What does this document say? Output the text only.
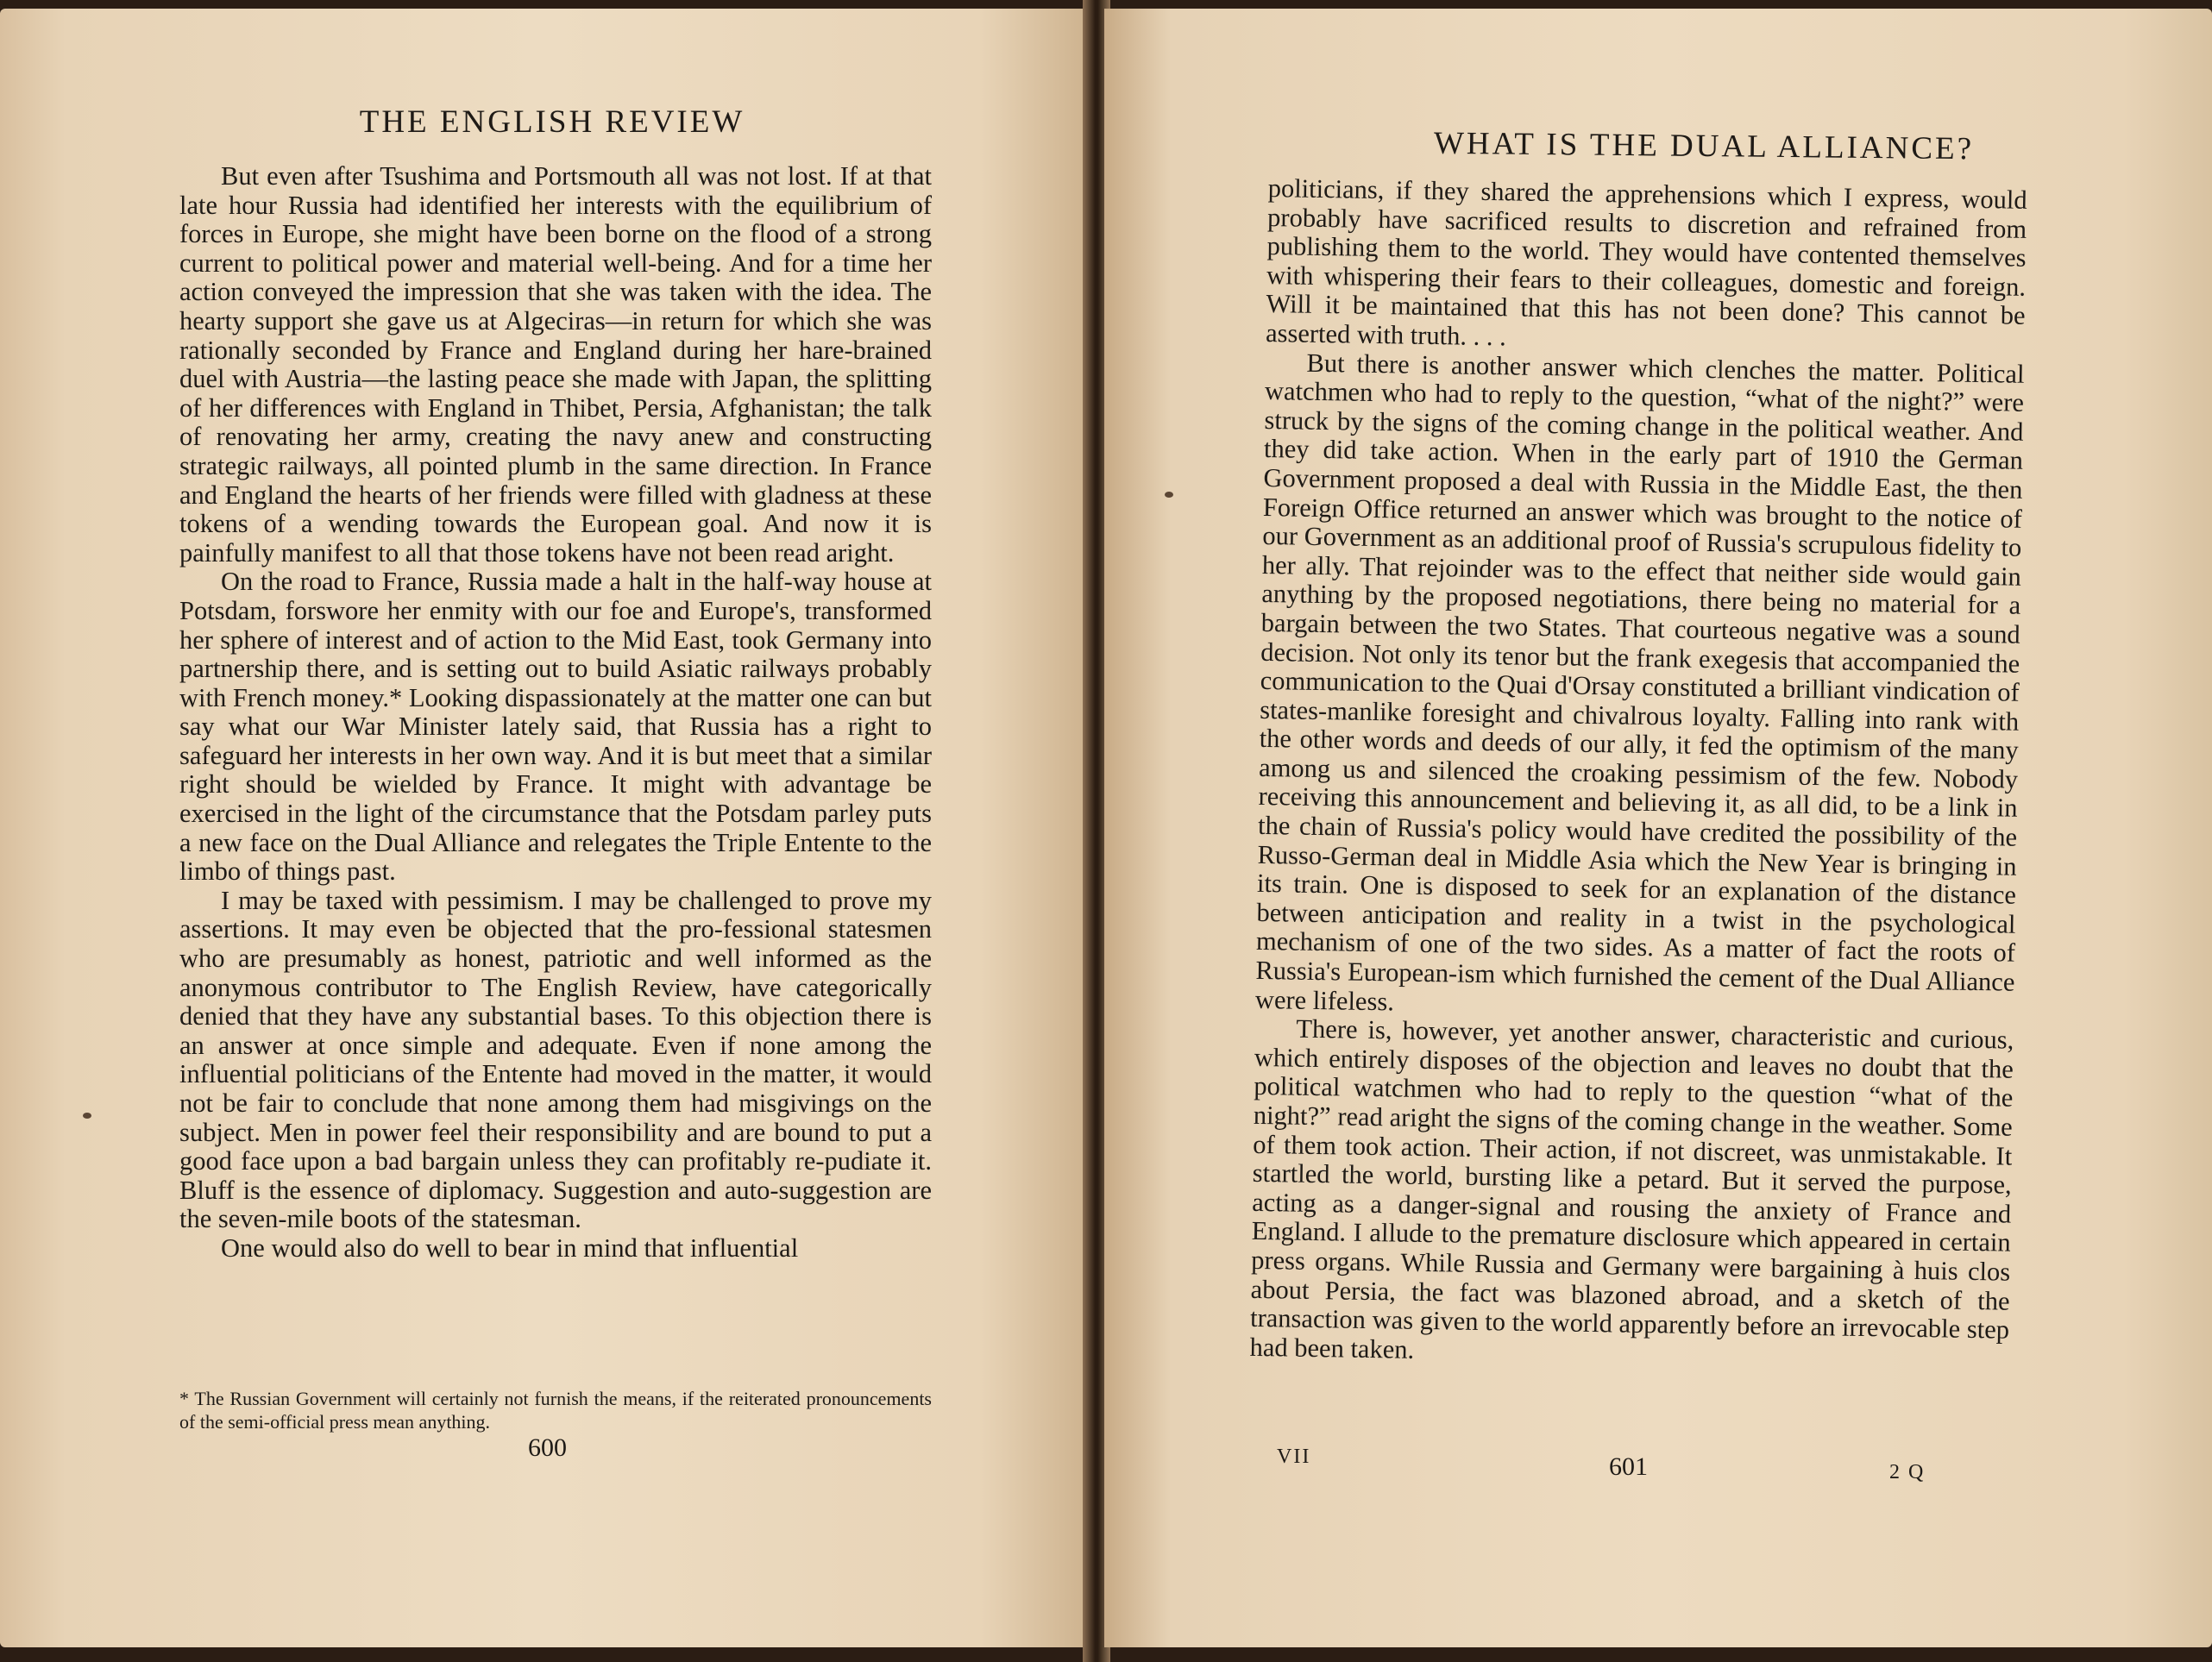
THE ENGLISH REVIEW

But even after Tsushima and Portsmouth all was not lost. If at that late hour Russia had identified her interests with the equilibrium of forces in Europe, she might have been borne on the flood of a strong current to political power and material well-being. And for a time her action conveyed the impression that she was taken with the idea. The hearty support she gave us at Algeciras—in return for which she was rationally seconded by France and England during her hare-brained duel with Austria—the lasting peace she made with Japan, the splitting of her differences with England in Thibet, Persia, Afghanistan; the talk of renovating her army, creating the navy anew and constructing strategic railways, all pointed plumb in the same direction. In France and England the hearts of her friends were filled with gladness at these tokens of a wending towards the European goal. And now it is painfully manifest to all that those tokens have not been read aright.

On the road to France, Russia made a halt in the half-way house at Potsdam, forswore her enmity with our foe and Europe's, transformed her sphere of interest and of action to the Mid East, took Germany into partnership there, and is setting out to build Asiatic railways probably with French money.* Looking dispassionately at the matter one can but say what our War Minister lately said, that Russia has a right to safeguard her interests in her own way. And it is but meet that a similar right should be wielded by France. It might with advantage be exercised in the light of the circumstance that the Potsdam parley puts a new face on the Dual Alliance and relegates the Triple Entente to the limbo of things past.

I may be taxed with pessimism. I may be challenged to prove my assertions. It may even be objected that the pro-fessional statesmen who are presumably as honest, patriotic and well informed as the anonymous contributor to The English Review, have categorically denied that they have any substantial bases. To this objection there is an answer at once simple and adequate. Even if none among the influential politicians of the Entente had moved in the matter, it would not be fair to conclude that none among them had misgivings on the subject. Men in power feel their responsibility and are bound to put a good face upon a bad bargain unless they can profitably re-pudiate it. Bluff is the essence of diplomacy. Suggestion and auto-suggestion are the seven-mile boots of the statesman.

One would also do well to bear in mind that influential

* The Russian Government will certainly not furnish the means, if the reiterated pronouncements of the semi-official press mean anything.
600
WHAT IS THE DUAL ALLIANCE?

politicians, if they shared the apprehensions which I express, would probably have sacrificed results to discretion and refrained from publishing them to the world. They would have contented themselves with whispering their fears to their colleagues, domestic and foreign. Will it be maintained that this has not been done? This cannot be asserted with truth. . . .

But there is another answer which clenches the matter. Political watchmen who had to reply to the question, “what of the night?” were struck by the signs of the coming change in the political weather. And they did take action. When in the early part of 1910 the German Government proposed a deal with Russia in the Middle East, the then Foreign Office returned an answer which was brought to the notice of our Government as an additional proof of Russia's scrupulous fidelity to her ally. That rejoinder was to the effect that neither side would gain anything by the proposed negotiations, there being no material for a bargain between the two States. That courteous negative was a sound decision. Not only its tenor but the frank exegesis that accompanied the communication to the Quai d'Orsay constituted a brilliant vindication of states-manlike foresight and chivalrous loyalty. Falling into rank with the other words and deeds of our ally, it fed the optimism of the many among us and silenced the croaking pessimism of the few. Nobody receiving this announcement and believing it, as all did, to be a link in the chain of Russia's policy would have credited the possibility of the Russo-German deal in Middle Asia which the New Year is bringing in its train. One is disposed to seek for an explanation of the distance between anticipation and reality in a twist in the psychological mechanism of one of the two sides. As a matter of fact the roots of Russia's European-ism which furnished the cement of the Dual Alliance were lifeless.

There is, however, yet another answer, characteristic and curious, which entirely disposes of the objection and leaves no doubt that the political watchmen who had to reply to the question “what of the night?” read aright the signs of the coming change in the weather. Some of them took action. Their action, if not discreet, was unmistakable. It startled the world, bursting like a petard. But it served the purpose, acting as a danger-signal and rousing the anxiety of France and England. I allude to the premature disclosure which appeared in certain press organs. While Russia and Germany were bargaining à huis clos about Persia, the fact was blazoned abroad, and a sketch of the transaction was given to the world apparently before an irrevocable step had been taken.

VII	601	2 Q
